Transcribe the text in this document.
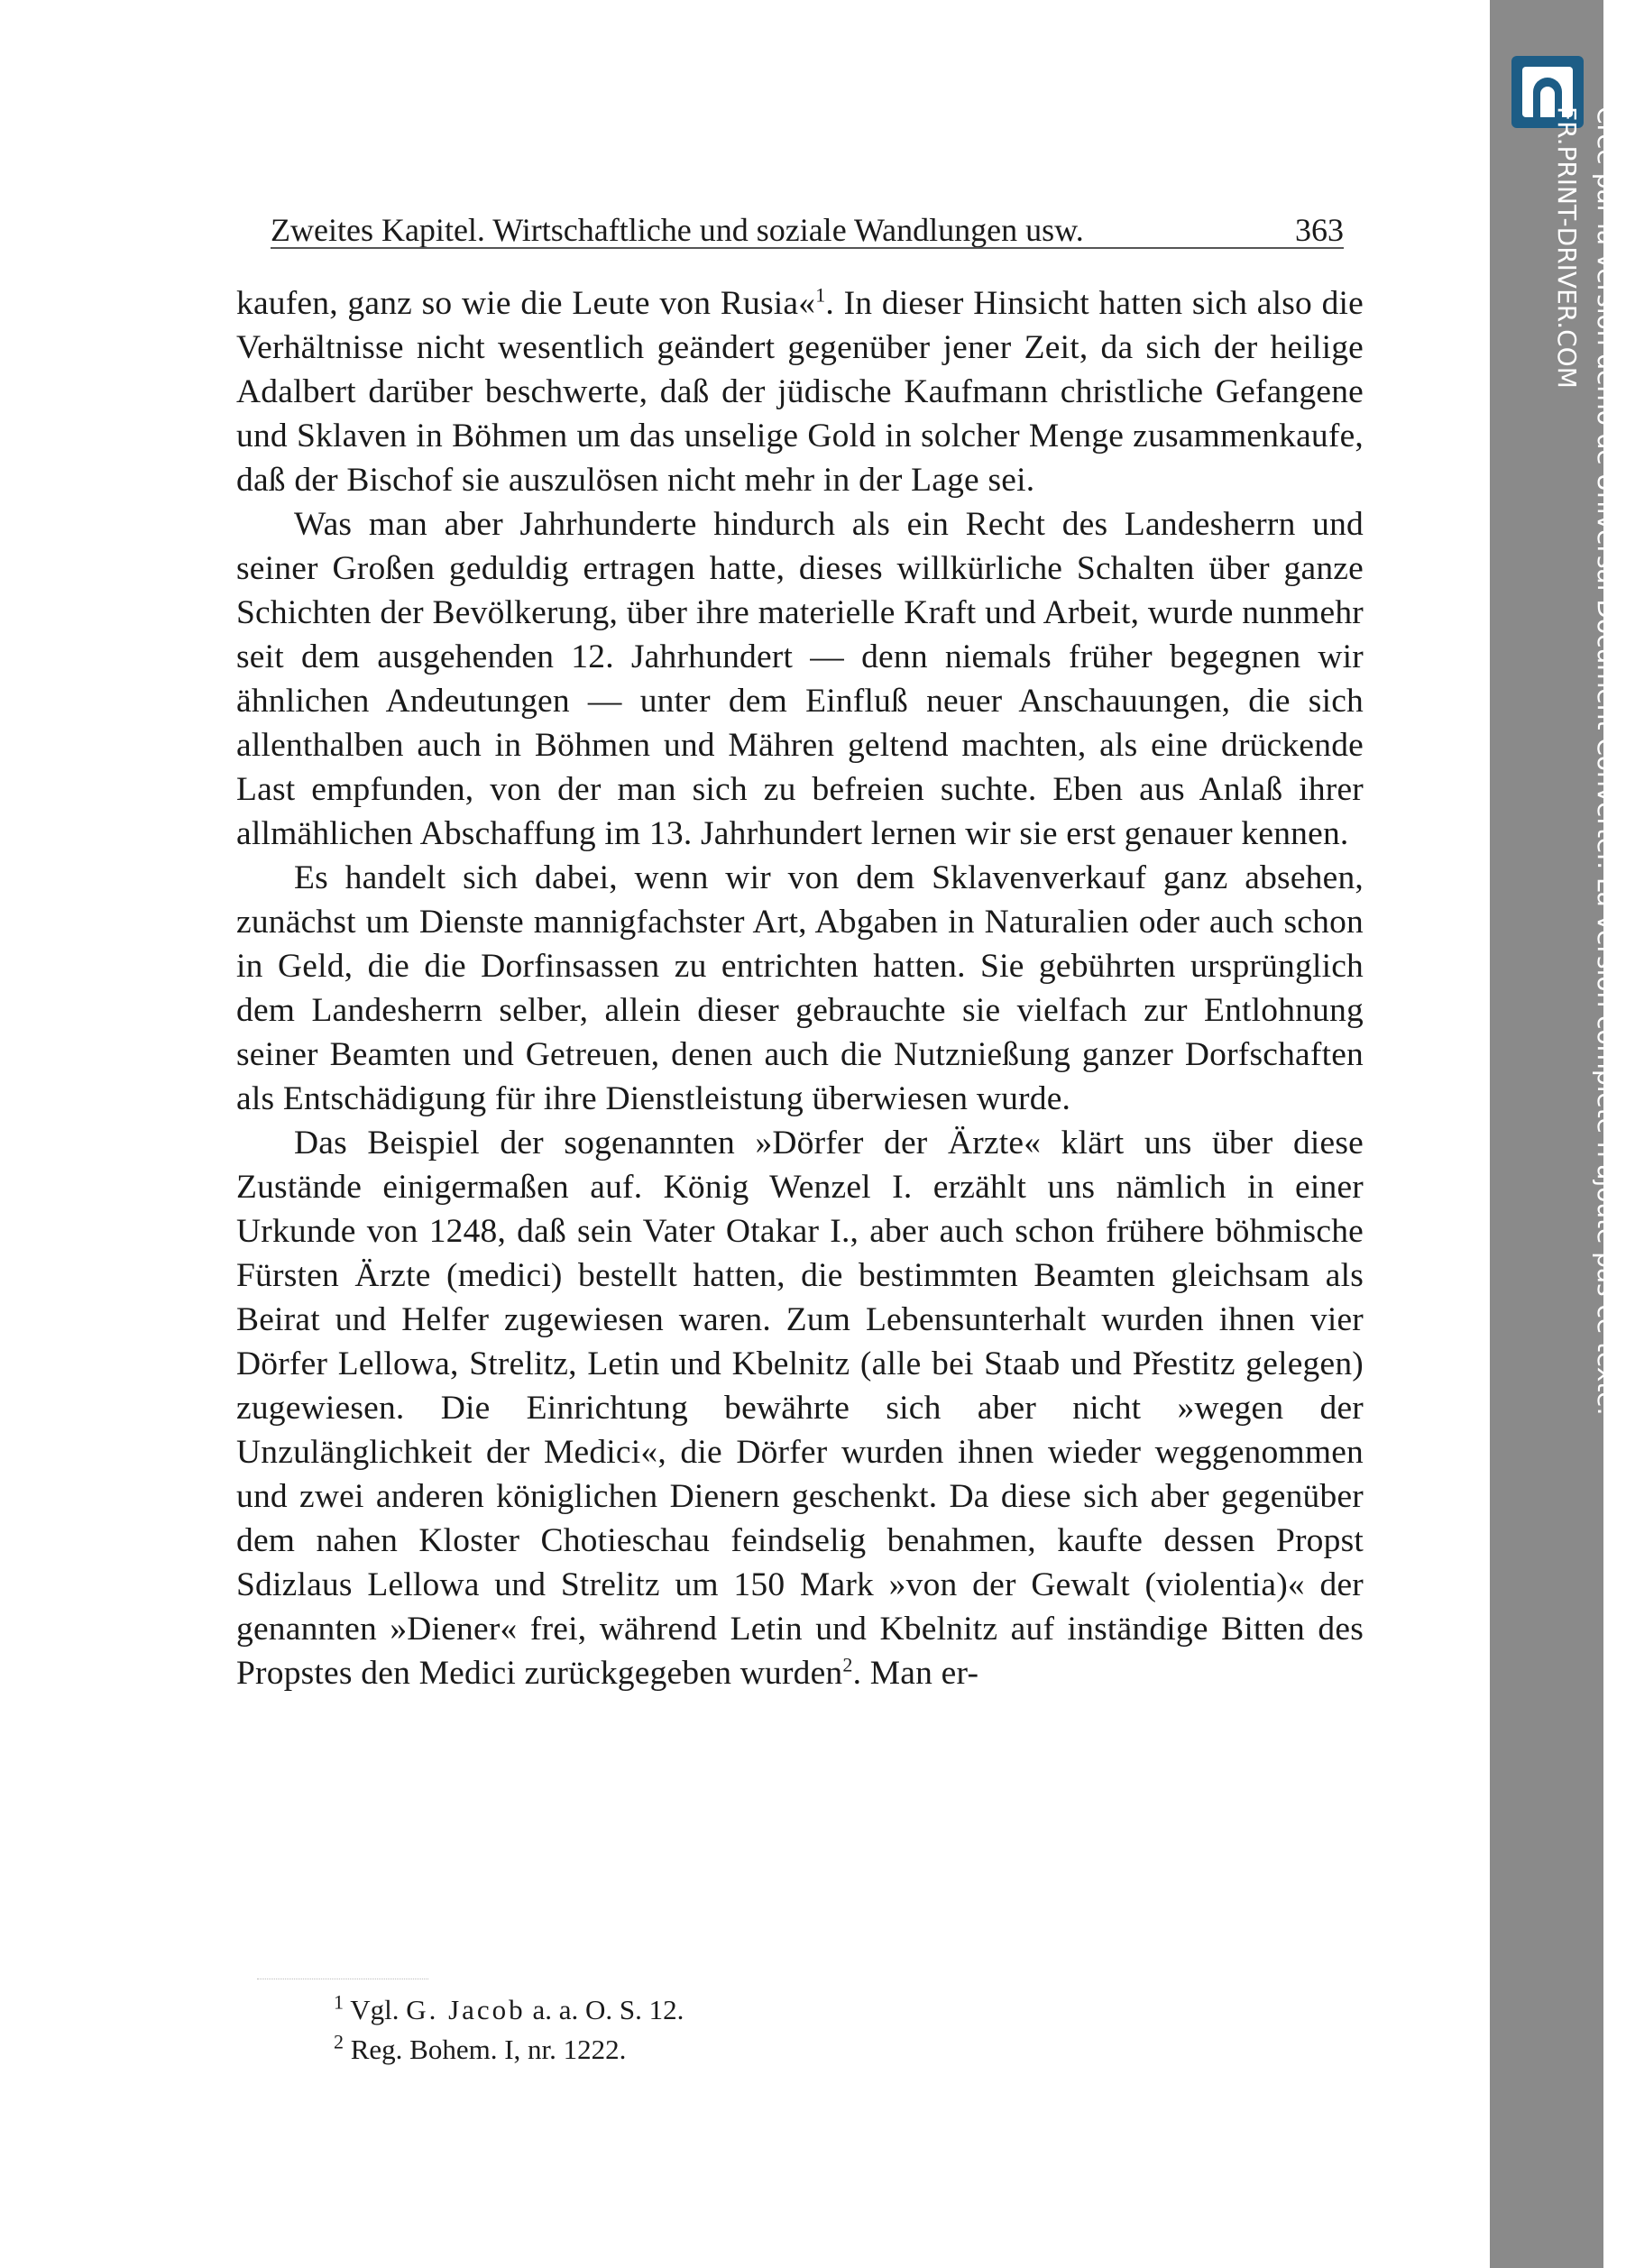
Zweites Kapitel. Wirtschaftliche und soziale Wandlungen usw.	363

kaufen, ganz so wie die Leute von Rusia«$^1$. In dieser Hinsicht hatten sich also die Verhältnisse nicht wesentlich geändert gegenüber jener Zeit, da sich der heilige Adalbert darüber beschwerte, daß der jüdische Kaufmann christliche Gefangene und Sklaven in Böhmen um das unselige Gold in solcher Menge zusammenkaufe, daß der Bischof sie auszulösen nicht mehr in der Lage sei.

Was man aber Jahrhunderte hindurch als ein Recht des Landesherrn und seiner Großen geduldig ertragen hatte, dieses willkürliche Schalten über ganze Schichten der Bevölkerung, über ihre materielle Kraft und Arbeit, wurde nunmehr seit dem ausgehenden 12. Jahrhundert — denn niemals früher begegnen wir ähnlichen Andeutungen — unter dem Einfluß neuer Anschauungen, die sich allenthalben auch in Böhmen und Mähren geltend machten, als eine drückende Last empfunden, von der man sich zu befreien suchte. Eben aus Anlaß ihrer allmählichen Abschaffung im 13. Jahrhundert lernen wir sie erst genauer kennen.

Es handelt sich dabei, wenn wir von dem Sklavenverkauf ganz absehen, zunächst um Dienste mannigfachster Art, Abgaben in Naturalien oder auch schon in Geld, die die Dorfinsassen zu entrichten hatten. Sie gebührten ursprünglich dem Landesherrn selber, allein dieser gebrauchte sie vielfach zur Entlohnung seiner Beamten und Getreuen, denen auch die Nutznießung ganzer Dorfschaften als Entschädigung für ihre Dienstleistung überwiesen wurde.

Das Beispiel der sogenannten »Dörfer der Ärzte« klärt uns über diese Zustände einigermaßen auf. König Wenzel I. erzählt uns nämlich in einer Urkunde von 1248, daß sein Vater Otakar I., aber auch schon frühere böhmische Fürsten Ärzte (medici) bestellt hatten, die bestimmten Beamten gleichsam als Beirat und Helfer zugewiesen waren. Zum Lebensunterhalt wurden ihnen vier Dörfer Lellowa, Strelitz, Letin und Kbelnitz (alle bei Staab und Přestitz gelegen) zugewiesen. Die Einrichtung bewährte sich aber nicht »wegen der Unzulänglichkeit der Medici«, die Dörfer wurden ihnen wieder weggenommen und zwei anderen königlichen Dienern geschenkt. Da diese sich aber gegenüber dem nahen Kloster Chotieschau feindselig benahmen, kaufte dessen Propst Sdizlaus Lellowa und Strelitz um 150 Mark »von der Gewalt (violentia)« der genannten »Diener« frei, während Letin und Kbelnitz auf inständige Bitten des Propstes den Medici zurückgegeben wurden$^2$. Man er-

$^1$ Vgl. G. Jacob a. a. O. S. 12.
$^2$ Reg. Bohem. I, nr. 1222.
Créé par la version démo de Universal Document Converter. La version complète n'ajoute pas ce texte.
FR.PRINT-DRIVER.COM
